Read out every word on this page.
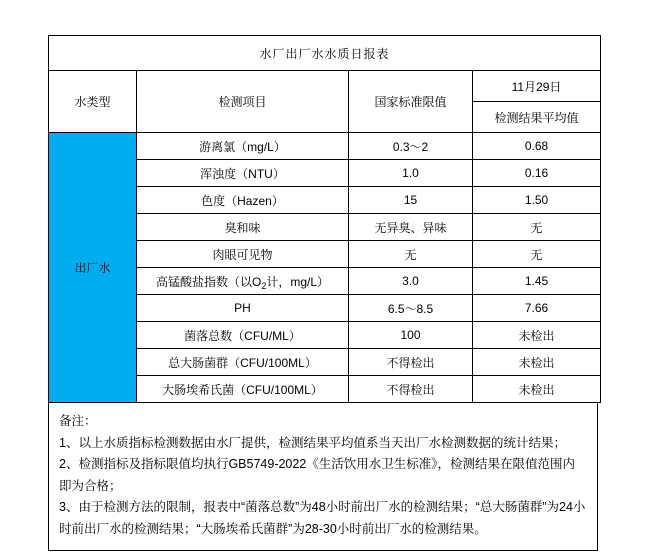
水厂出厂水水质日报表			
水类型	检测项目	国家标准限值	11月29日
			检测结果平均值
出厂水	游离氯（mg/L）	0.3～2	0.68
	浑浊度（NTU）	1.0	0.16
	色度（Hazen）	15	1.50
	臭和味	无异臭、异味	无
	肉眼可见物	无	无
	高锰酸盐指数（以$O_2$计，mg/L）	3.0	1.45
	PH	6.5～8.5	7.66
	菌落总数（CFU/ML）	100	未检出
	总大肠菌群（CFU/100ML）	不得检出	未检出
	大肠埃希氏菌（CFU/100ML）	不得检出	未检出
备注：
1、以上水质指标检测数据由水厂提供，检测结果平均值系当天出厂水检测数据的统计结果；
2、检测指标及指标限值均执行GB5749-2022《生活饮用水卫生标准》，检测结果在限值范围内即为合格；
3、由于检测方法的限制，报表中“菌落总数”为48小时前出厂水的检测结果；“总大肠菌群”为24小时前出厂水的检测结果；“大肠埃希氏菌群”为28-30小时前出厂水的检测结果。
